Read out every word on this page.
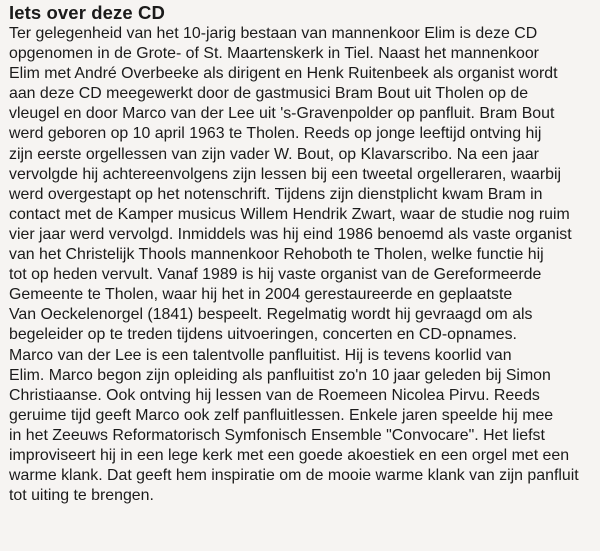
Iets over deze CD

Ter gelegenheid van het 10-jarig bestaan van mannenkoor Elim is deze CD
opgenomen in de Grote- of St. Maartenskerk in Tiel. Naast het mannenkoor
Elim met André Overbeeke als dirigent en Henk Ruitenbeek als organist wordt
aan deze CD meegewerkt door de gastmusici Bram Bout uit Tholen op de
vleugel en door Marco van der Lee uit 's-Gravenpolder op panfluit. Bram Bout
werd geboren op 10 april 1963 te Tholen. Reeds op jonge leeftijd ontving hij
zijn eerste orgellessen van zijn vader W. Bout, op Klavarscribo. Na een jaar
vervolgde hij achtereenvolgens zijn lessen bij een tweetal orgelleraren, waarbij
werd overgestapt op het notenschrift. Tijdens zijn dienstplicht kwam Bram in
contact met de Kamper musicus Willem Hendrik Zwart, waar de studie nog ruim
vier jaar werd vervolgd. Inmiddels was hij eind 1986 benoemd als vaste organist
van het Christelijk Thools mannenkoor Rehoboth te Tholen, welke functie hij
tot op heden vervult. Vanaf 1989 is hij vaste organist van de Gereformeerde
Gemeente te Tholen, waar hij het in 2004 gerestaureerde en geplaatste
Van Oeckelenorgel (1841) bespeelt. Regelmatig wordt hij gevraagd om als
begeleider op te treden tijdens uitvoeringen, concerten en CD-opnames.

Marco van der Lee is een talentvolle panfluitist. Hij is tevens koorlid van
Elim. Marco begon zijn opleiding als panfluitist zo'n 10 jaar geleden bij Simon
Christiaanse. Ook ontving hij lessen van de Roemeen Nicolea Pirvu. Reeds
geruime tijd geeft Marco ook zelf panfluitlessen. Enkele jaren speelde hij mee
in het Zeeuws Reformatorisch Symfonisch Ensemble "Convocare". Het liefst
improviseert hij in een lege kerk met een goede akoestiek en een orgel met een
warme klank. Dat geeft hem inspiratie om de mooie warme klank van zijn panfluit
tot uiting te brengen.
